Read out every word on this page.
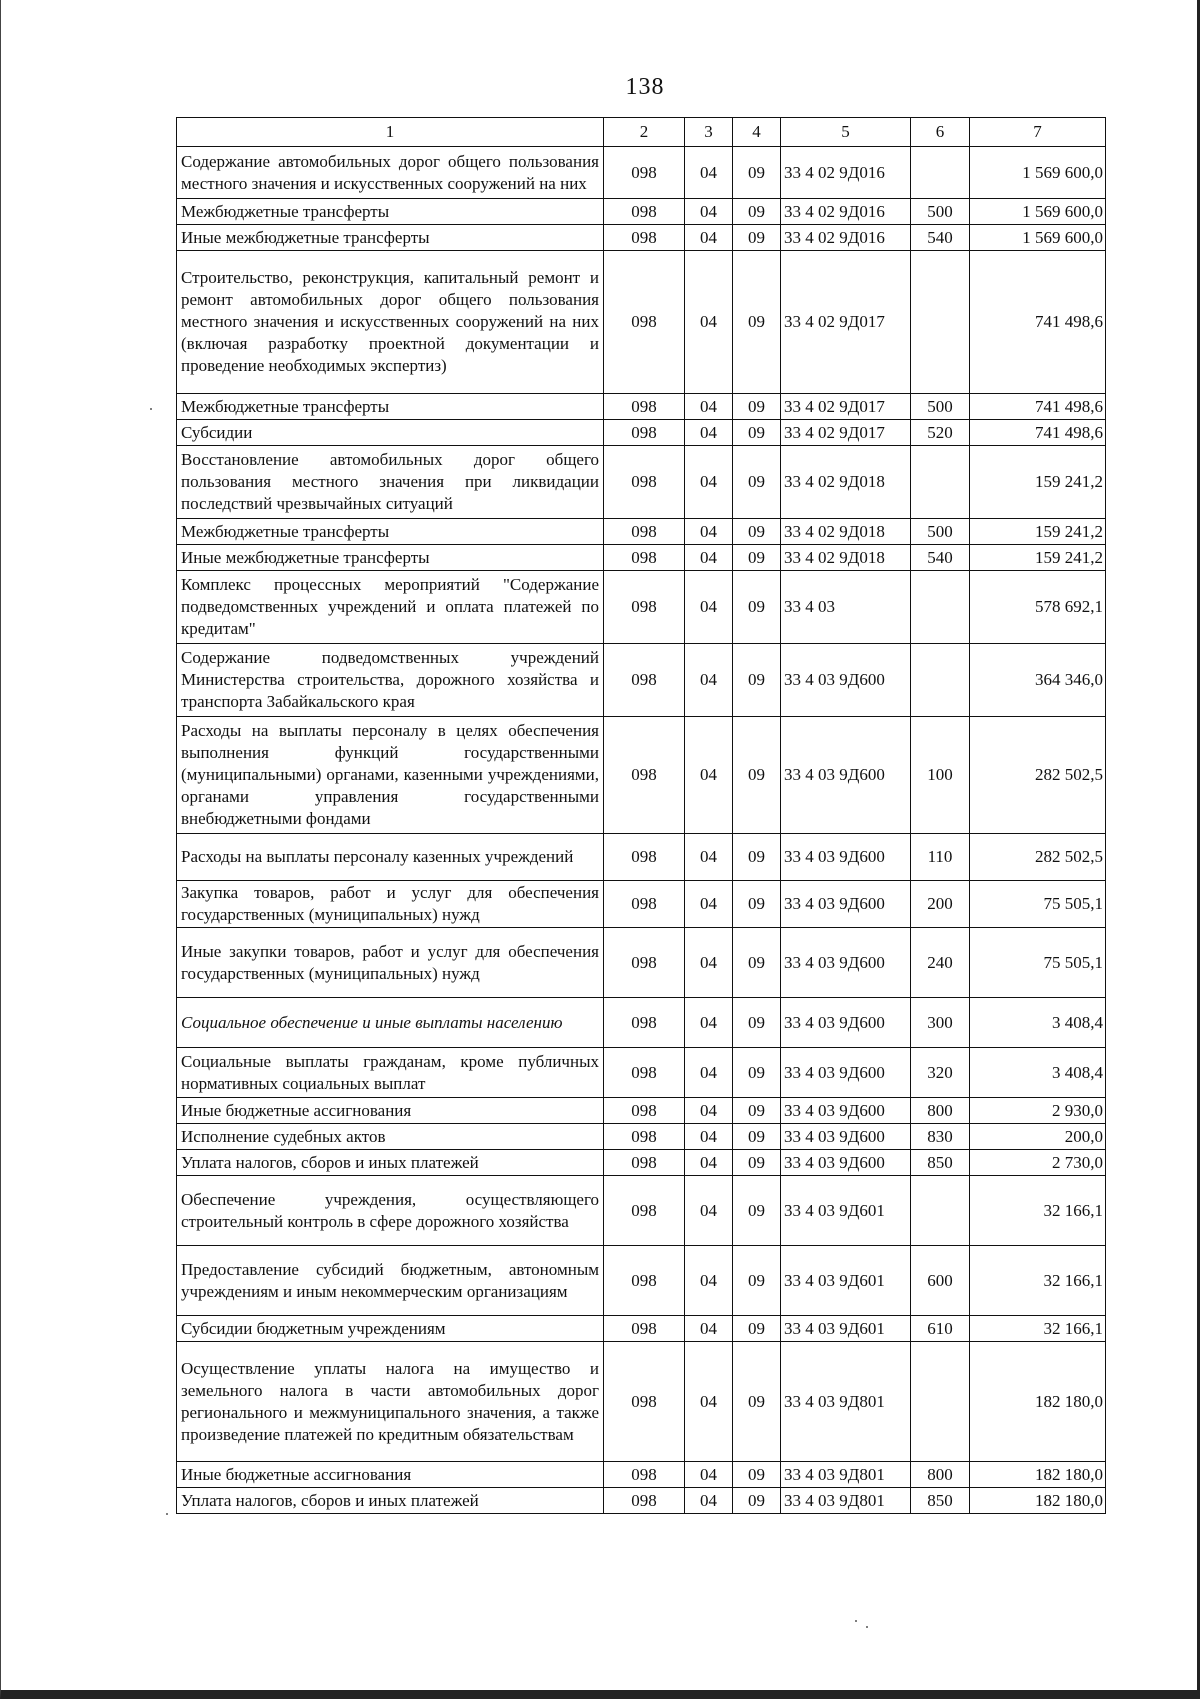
138
1	2	3	4	5	6	7
Содержание автомобильных дорог общего пользования местного значения и искусственных сооружений на них	098	04	09	33 4 02 9Д016		1 569 600,0
Межбюджетные трансферты	098	04	09	33 4 02 9Д016	500	1 569 600,0
Иные межбюджетные трансферты	098	04	09	33 4 02 9Д016	540	1 569 600,0
Строительство, реконструкция, капитальный ремонт и ремонт автомобильных дорог общего пользования местного значения и искусственных сооружений на них (включая разработку проектной документации и проведение необходимых экспертиз)	098	04	09	33 4 02 9Д017		741 498,6
Межбюджетные трансферты	098	04	09	33 4 02 9Д017	500	741 498,6
Субсидии	098	04	09	33 4 02 9Д017	520	741 498,6
Восстановление автомобильных дорог общего пользования местного значения при ликвидации последствий чрезвычайных ситуаций	098	04	09	33 4 02 9Д018		159 241,2
Межбюджетные трансферты	098	04	09	33 4 02 9Д018	500	159 241,2
Иные межбюджетные трансферты	098	04	09	33 4 02 9Д018	540	159 241,2
Комплекс процессных мероприятий "Содержание подведомственных учреждений и оплата платежей по кредитам"	098	04	09	33 4 03		578 692,1
Содержание подведомственных учреждений Министерства строительства, дорожного хозяйства и транспорта Забайкальского края	098	04	09	33 4 03 9Д600		364 346,0
Расходы на выплаты персоналу в целях обеспечения выполнения функций государственными (муниципальными) органами, казенными учреждениями, органами управления государственными внебюджетными фондами	098	04	09	33 4 03 9Д600	100	282 502,5
Расходы на выплаты персоналу казенных учреждений	098	04	09	33 4 03 9Д600	110	282 502,5
Закупка товаров, работ и услуг для обеспечения государственных (муниципальных) нужд	098	04	09	33 4 03 9Д600	200	75 505,1
Иные закупки товаров, работ и услуг для обеспечения государственных (муниципальных) нужд	098	04	09	33 4 03 9Д600	240	75 505,1
Социальное обеспечение и иные выплаты населению	098	04	09	33 4 03 9Д600	300	3 408,4
Социальные выплаты гражданам, кроме публичных нормативных социальных выплат	098	04	09	33 4 03 9Д600	320	3 408,4
Иные бюджетные ассигнования	098	04	09	33 4 03 9Д600	800	2 930,0
Исполнение судебных актов	098	04	09	33 4 03 9Д600	830	200,0
Уплата налогов, сборов и иных платежей	098	04	09	33 4 03 9Д600	850	2 730,0
Обеспечение учреждения, осуществляющего строительный контроль в сфере дорожного хозяйства	098	04	09	33 4 03 9Д601		32 166,1
Предоставление субсидий бюджетным, автономным учреждениям и иным некоммерческим организациям	098	04	09	33 4 03 9Д601	600	32 166,1
Субсидии бюджетным учреждениям	098	04	09	33 4 03 9Д601	610	32 166,1
Осуществление уплаты налога на имущество и земельного налога в части автомобильных дорог регионального и межмуниципального значения, а также произведение платежей по кредитным обязательствам	098	04	09	33 4 03 9Д801		182 180,0
Иные бюджетные ассигнования	098	04	09	33 4 03 9Д801	800	182 180,0
Уплата налогов, сборов и иных платежей	098	04	09	33 4 03 9Д801	850	182 180,0
